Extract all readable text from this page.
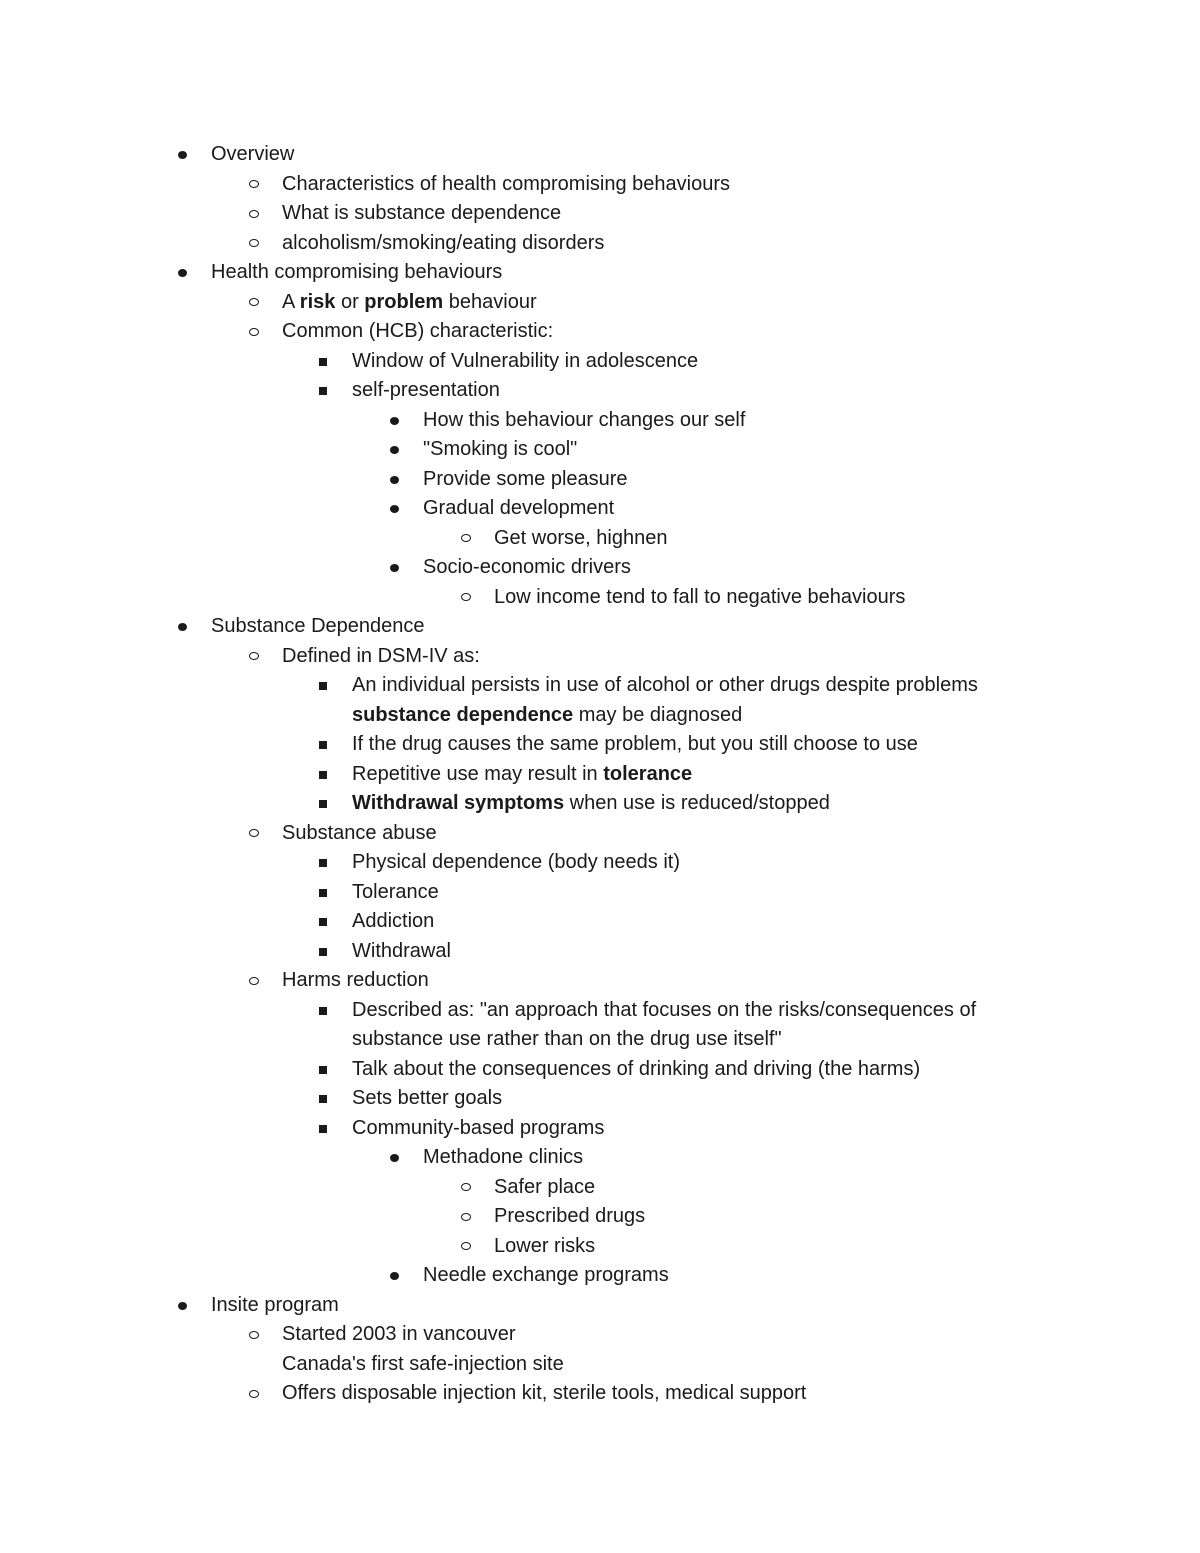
Overview
Characteristics of health compromising behaviours
What is substance dependence
alcoholism/smoking/eating disorders
Health compromising behaviours
A risk or problem behaviour
Common (HCB) characteristic:
Window of Vulnerability in adolescence
self-presentation
How this behaviour changes our self
"Smoking is cool"
Provide some pleasure
Gradual development
Get worse, highnen
Socio-economic drivers
Low income tend to fall to negative behaviours
Substance Dependence
Defined in DSM-IV as:
An individual persists in use of alcohol or other drugs despite problems
substance dependence may be diagnosed
If the drug causes the same problem, but you still choose to use
Repetitive use may result in tolerance
Withdrawal symptoms when use is reduced/stopped
Substance abuse
Physical dependence (body needs it)
Tolerance
Addiction
Withdrawal
Harms reduction
Described as: "an approach that focuses on the risks/consequences of
substance use rather than on the drug use itself"
Talk about the consequences of drinking and driving (the harms)
Sets better goals
Community-based programs
Methadone clinics
Safer place
Prescribed drugs
Lower risks
Needle exchange programs
Insite program
Started 2003 in vancouver
Canada's first safe-injection site
Offers disposable injection kit, sterile tools, medical support
